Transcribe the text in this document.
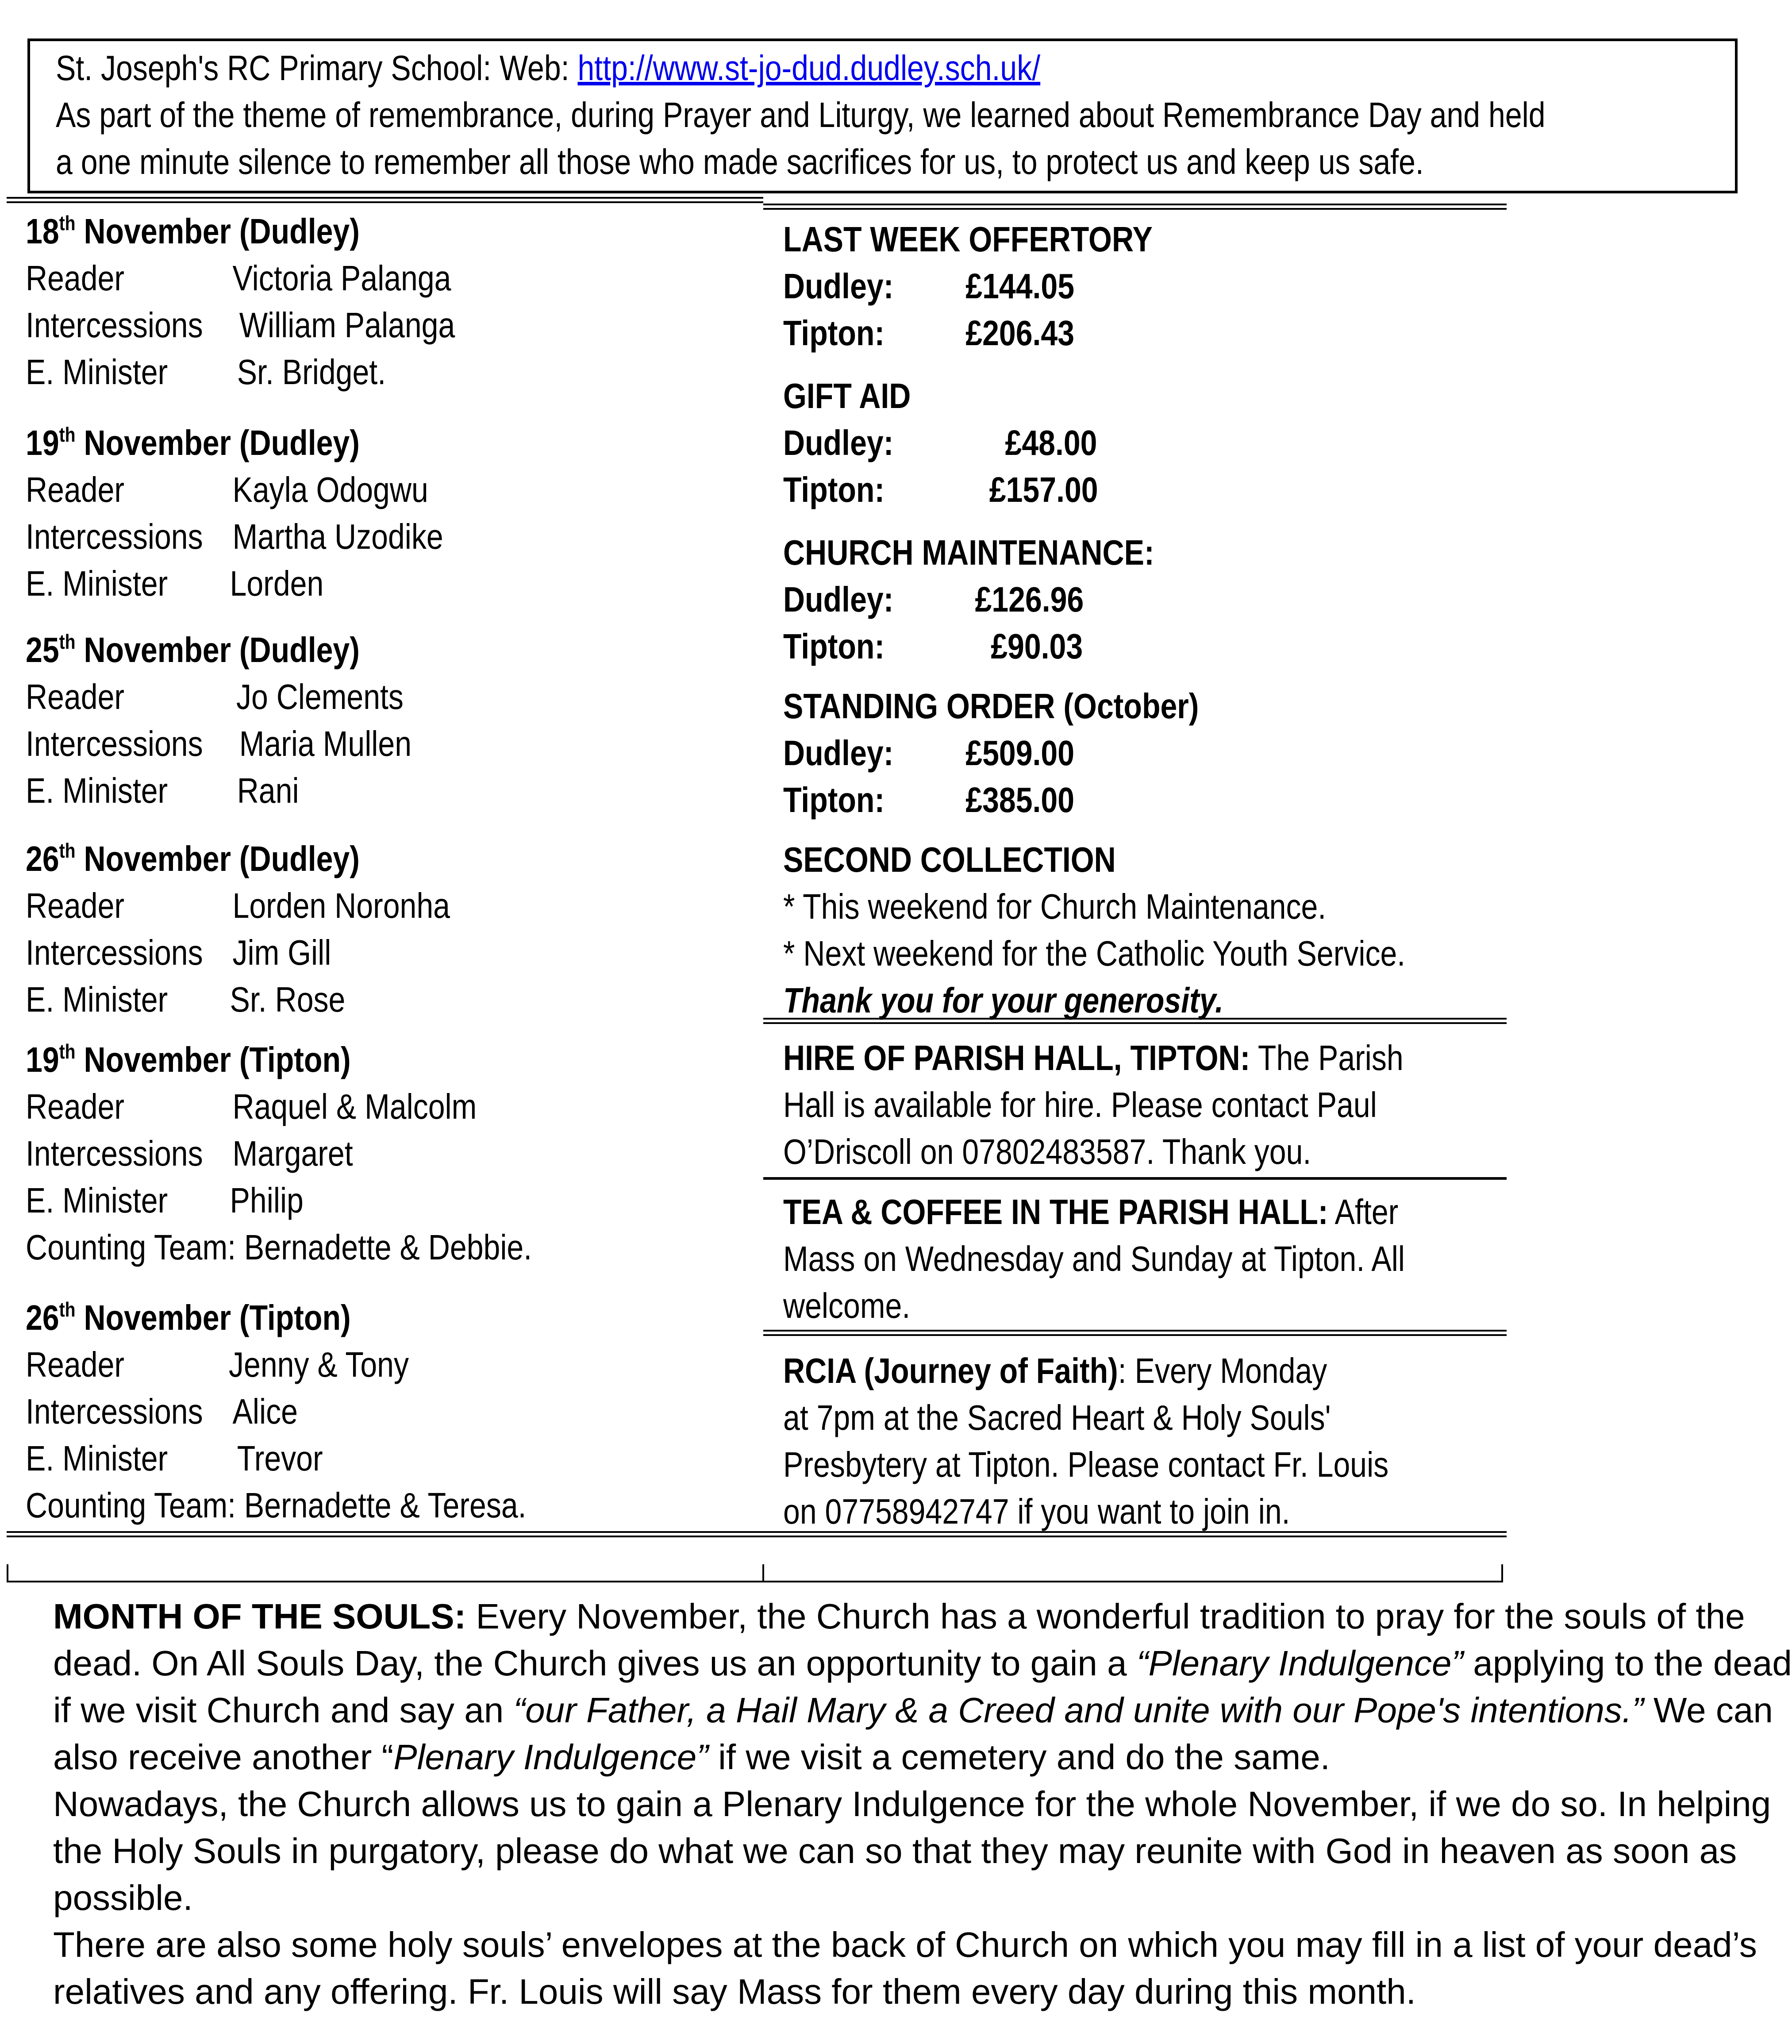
St. Joseph's RC Primary School: Web: http://www.st-jo-dud.dudley.sch.uk/
As part of the theme of remembrance, during Prayer and Liturgy, we learned about Remembrance Day and held
a one minute silence to remember all those who made sacrifices for us, to protect us and keep us safe.
18th November (Dudley)
Reader	Victoria Palanga
Intercessions William Palanga
E. Minister Sr. Bridget.
19th November (Dudley)
Reader	Kayla Odogwu
Intercessions Martha Uzodike
E. Minister Lorden
25th November (Dudley)
Reader	Jo Clements
Intercessions Maria Mullen
E. Minister Rani
26th November (Dudley)
Reader	Lorden Noronha
Intercessions Jim Gill
E. Minister Sr. Rose
19th November (Tipton)
Reader	Raquel & Malcolm
Intercessions Margaret
E. Minister Philip
Counting Team: Bernadette & Debbie.
26th November (Tipton)
Reader	Jenny & Tony
Intercessions Alice
E. Minister Trevor
Counting Team: Bernadette & Teresa.
LAST WEEK OFFERTORY
Dudley: £144.05
Tipton: £206.43
GIFT AID
Dudley:	£48.00
Tipton:	£157.00
CHURCH MAINTENANCE:
Dudley: £126.96
Tipton:	£90.03
STANDING ORDER (October)
Dudley: £509.00
Tipton: £385.00
SECOND COLLECTION
* This weekend for Church Maintenance.
* Next weekend for the Catholic Youth Service.
Thank you for your generosity.
HIRE OF PARISH HALL, TIPTON: The Parish
Hall is available for hire. Please contact Paul
O’Driscoll on 07802483587. Thank you.
TEA & COFFEE IN THE PARISH HALL: After
Mass on Wednesday and Sunday at Tipton. All
welcome.
RCIA (Journey of Faith): Every Monday
at 7pm at the Sacred Heart & Holy Souls'
Presbytery at Tipton. Please contact Fr. Louis
on 07758942747 if you want to join in.
MONTH OF THE SOULS: Every November, the Church has a wonderful tradition to pray for the souls of the
dead. On All Souls Day, the Church gives us an opportunity to gain a “Plenary Indulgence” applying to the dead
if we visit Church and say an “our Father, a Hail Mary & a Creed and unite with our Pope's intentions.” We can
also receive another “Plenary Indulgence” if we visit a cemetery and do the same.
Nowadays, the Church allows us to gain a Plenary Indulgence for the whole November, if we do so. In helping
the Holy Souls in purgatory, please do what we can so that they may reunite with God in heaven as soon as
possible.
There are also some holy souls’ envelopes at the back of Church on which you may fill in a list of your dead’s
relatives and any offering. Fr. Louis will say Mass for them every day during this month.
